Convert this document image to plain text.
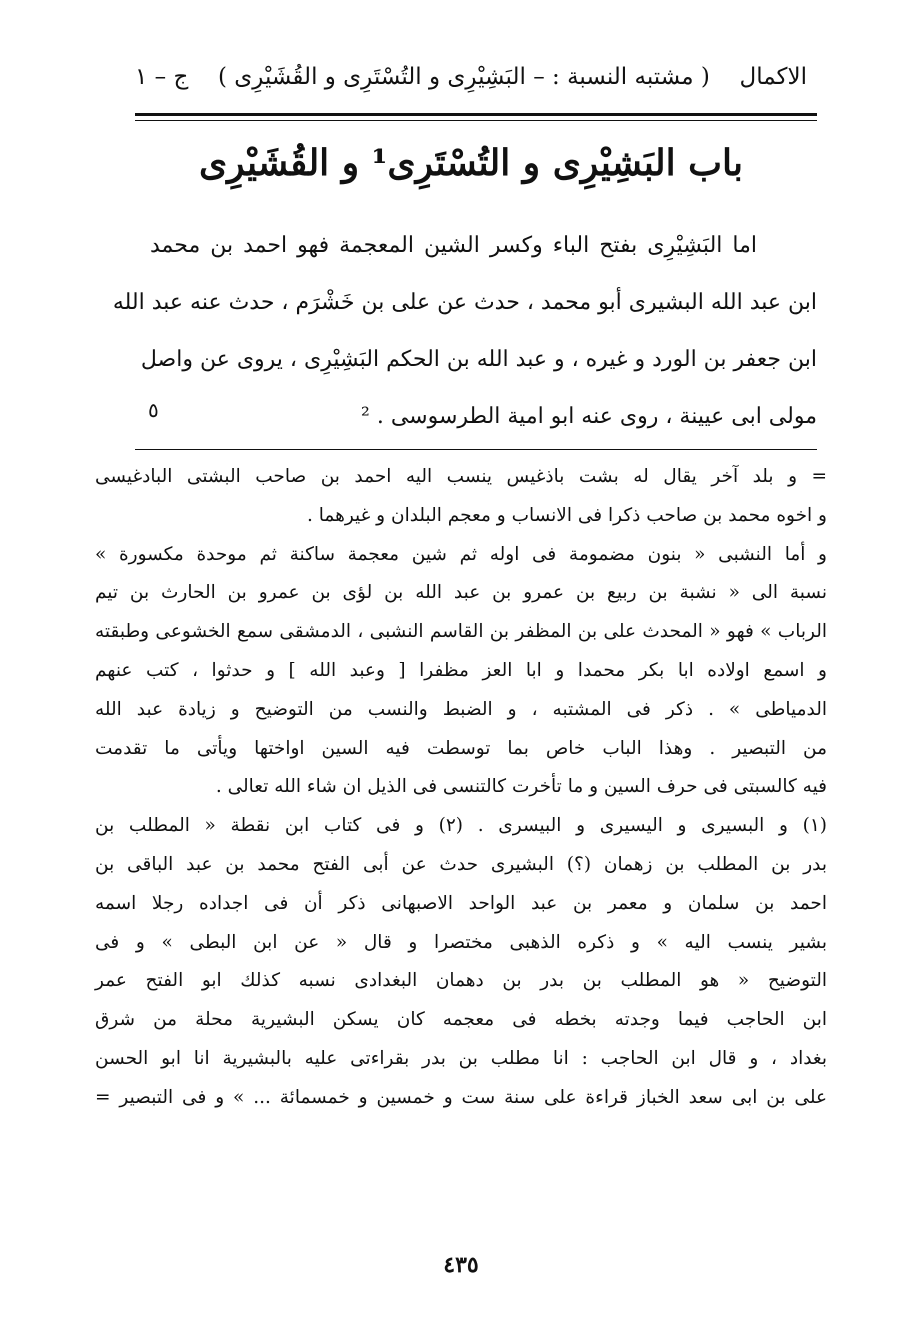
الاكمال
( مشتبه النسبة : – البَشِيْرِى و التُسْتَرِى و القُشَيْرِى )
ج – ١
باب البَشِيْرِى و التُسْتَرِى¹ و القُشَيْرِى
اما البَشِيْرِى بفتح الباء وكسر الشين المعجمة فهو احمد بن محمد
ابن عبد الله البشيرى أبو محمد ، حدث عن على بن خَشْرَم ، حدث عنه عبد الله
ابن جعفر بن الورد و غيره ، و عبد الله بن الحكم البَشِيْرِى ، يروى عن واصل
مولى ابى عيينة ، روى عنه ابو امية الطرسوسى . ²
٥
= و بلد آخر يقال له بشت باذغيس ينسب اليه احمد بن صاحب البشتى البادغيسى
و اخوه محمد بن صاحب ذكرا فى الانساب و معجم البلدان و غيرهما .
و أما النشبى « بنون مضمومة فى اوله ثم شين معجمة ساكنة ثم موحدة مكسورة »
نسبة الى « نشبة بن ربيع بن عمرو بن عبد الله بن لؤى بن عمرو بن الحارث بن تيم
الرباب » فهو « المحدث على بن المظفر بن القاسم النشبى ، الدمشقى سمع الخشوعى وطبقته
و اسمع اولاده ابا بكر محمدا و ابا العز مظفرا [ وعبد الله ] و حدثوا ، كتب عنهم
الدمياطى » . ذكر فى المشتبه ، و الضبط والنسب من التوضيح و زيادة عبد الله
من التبصير . وهذا الباب خاص بما توسطت فيه السين اواختها ويأتى ما تقدمت
فيه كالسبتى فى حرف السين و ما تأخرت كالتنسى فى الذيل ان شاء الله تعالى .
(١) و البسيرى و اليسيرى و البيسرى . (٢) و فى كتاب ابن نقطة « المطلب بن
بدر بن المطلب بن زهمان (؟) البشيرى حدث عن أبى الفتح محمد بن عبد الباقى بن
احمد بن سلمان و معمر بن عبد الواحد الاصبهانى ذكر أن فى اجداده رجلا اسمه
بشير ينسب اليه » و ذكره الذهبى مختصرا و قال « عن ابن البطى » و فى
التوضيح « هو المطلب بن بدر بن دهمان البغدادى نسبه كذلك ابو الفتح عمر
ابن الحاجب فيما وجدته بخطه فى معجمه كان يسكن البشيرية محلة من شرق
بغداد ، و قال ابن الحاجب : انا مطلب بن بدر بقراءتى عليه بالبشيرية انا ابو الحسن
على بن ابى سعد الخباز قراءة على سنة ست و خمسين و خمسمائة ... » و فى التبصير =
٤٣٥
